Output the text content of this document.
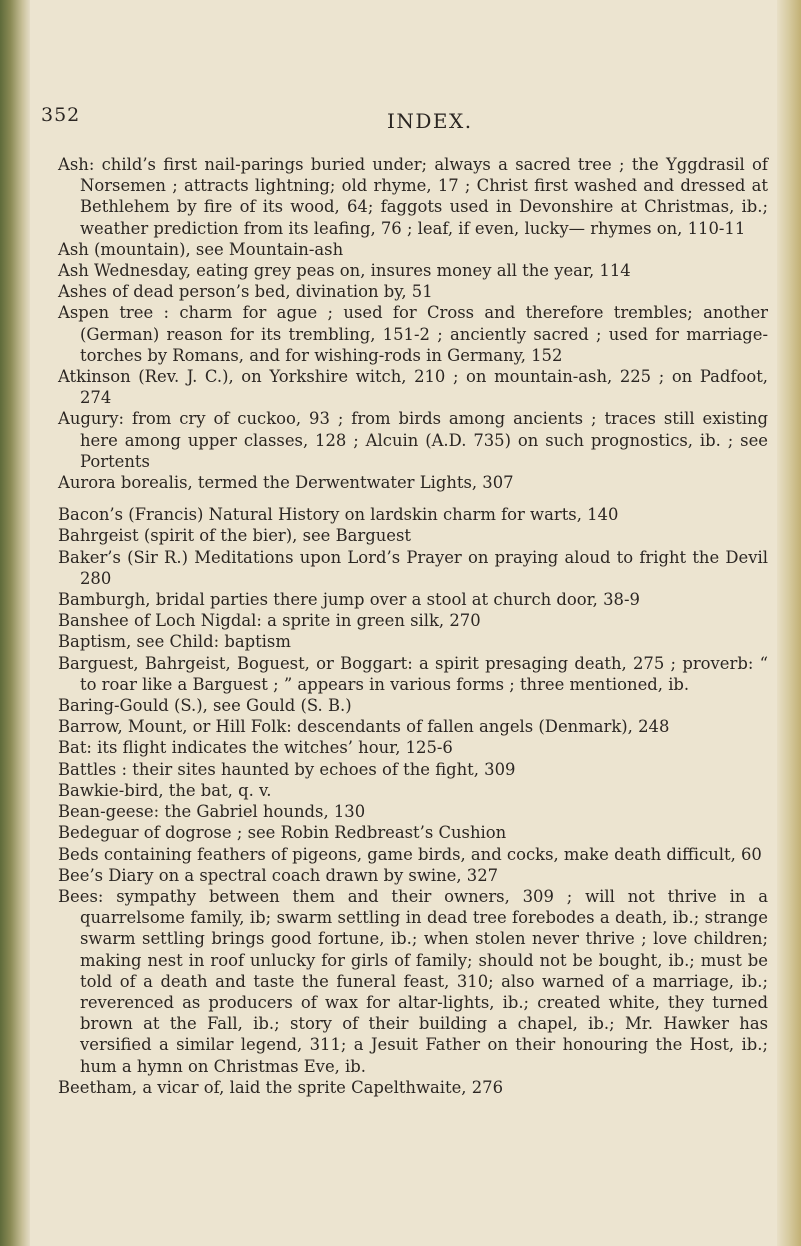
352	INDEX.

Ash: child’s first nail-parings buried under; always a sacred tree ; the Yggdrasil of Norsemen ; attracts lightning; old rhyme, 17 ; Christ first washed and dressed at Bethlehem by fire of its wood, 64; faggots used in Devonshire at Christmas, ib.; weather prediction from its leafing, 76 ; leaf, if even, lucky— rhymes on, 110-11

Ash (mountain), see Mountain-ash

Ash Wednesday, eating grey peas on, insures money all the year, 114

Ashes of dead person’s bed, divination by, 51

Aspen tree : charm for ague ; used for Cross and therefore trembles; another (German) reason for its trembling, 151-2 ; anciently sacred ; used for marriage-torches by Romans, and for wishing-rods in Germany, 152

Atkinson (Rev. J. C.), on Yorkshire witch, 210 ; on mountain-ash, 225 ; on Padfoot, 274

Augury: from cry of cuckoo, 93 ; from birds among ancients ; traces still existing here among upper classes, 128 ; Alcuin (A.D. 735) on such prognostics, ib. ; see Portents

Aurora borealis, termed the Derwentwater Lights, 307

Bacon’s (Francis) Natural History on lardskin charm for warts, 140

Bahrgeist (spirit of the bier), see Barguest

Baker’s (Sir R.) Meditations upon Lord’s Prayer on praying aloud to fright the Devil 280

Bamburgh, bridal parties there jump over a stool at church door, 38-9

Banshee of Loch Nigdal: a sprite in green silk, 270

Baptism, see Child: baptism

Barguest, Bahrgeist, Boguest, or Boggart: a spirit presaging death, 275 ; proverb: “ to roar like a Barguest ; ” appears in various forms ; three mentioned, ib.

Baring-Gould (S.), see Gould (S. B.)

Barrow, Mount, or Hill Folk: descendants of fallen angels (Denmark), 248

Bat: its flight indicates the witches’ hour, 125-6

Battles : their sites haunted by echoes of the fight, 309

Bawkie-bird, the bat, q. v.

Bean-geese: the Gabriel hounds, 130

Bedeguar of dogrose ; see Robin Redbreast’s Cushion

Beds containing feathers of pigeons, game birds, and cocks, make death difficult, 60

Bee’s Diary on a spectral coach drawn by swine, 327

Bees: sympathy between them and their owners, 309 ; will not thrive in a quarrelsome family, ib; swarm settling in dead tree forebodes a death, ib.; strange swarm settling brings good fortune, ib.; when stolen never thrive ; love children; making nest in roof unlucky for girls of family; should not be bought, ib.; must be told of a death and taste the funeral feast, 310; also warned of a marriage, ib.; reverenced as producers of wax for altar-lights, ib.; created white, they turned brown at the Fall, ib.; story of their building a chapel, ib.; Mr. Hawker has versified a similar legend, 311; a Jesuit Father on their honouring the Host, ib.; hum a hymn on Christmas Eve, ib.

Beetham, a vicar of, laid the sprite Capelthwaite, 276
